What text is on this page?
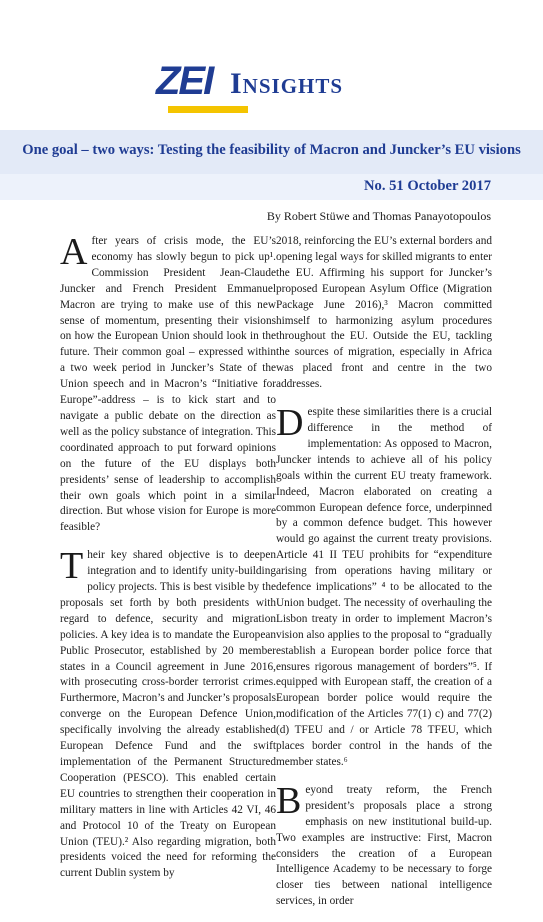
ZEI Insights
One goal – two ways: Testing the feasibility of Macron and Juncker’s EU visions
No. 51 October 2017
By Robert Stüwe and Thomas Panayotopoulos

After years of crisis mode, the EU’s economy has slowly begun to pick up¹. Commission President Jean-Claude Juncker and French President Emmanuel Macron are trying to make use of this new sense of momentum, presenting their visions on how the European Union should look in the future. Their common goal – expressed within a two week period in Juncker’s State of the Union speech and in Macron’s “Initiative for Europe”-address – is to kick start and to navigate a public debate on the direction as well as the policy substance of integration. This coordinated approach to put forward opinions on the future of the EU displays both presidents’ sense of leadership to accomplish their own goals which point in a similar direction. But whose vision for Europe is more feasible?

Their key shared objective is to deepen integration and to identify unity-building policy projects. This is best visible by the proposals set forth by both presidents with regard to defence, security and migration policies. A key idea is to mandate the European Public Prosecutor, established by 20 member states in a Council agreement in June 2016, with prosecuting cross-border terrorist crimes. Furthermore, Macron’s and Juncker’s proposals converge on the European Defence Union, specifically involving the already established European Defence Fund and the swift implementation of the Permanent Structured Cooperation (PESCO). This enabled certain EU countries to strengthen their cooperation in military matters in line with Articles 42 VI, 46 and Protocol 10 of the Treaty on European Union (TEU).² Also regarding migration, both presidents voiced the need for reforming the current Dublin system by

2018, reinforcing the EU’s external borders and opening legal ways for skilled migrants to enter the EU. Affirming his support for Juncker’s proposed European Asylum Office (Migration Package June 2016),³ Macron committed himself to harmonizing asylum procedures throughout the EU. Outside the EU, tackling the sources of migration, especially in Africa was placed front and centre in the two addresses.

Despite these similarities there is a crucial difference in the method of implementation: As opposed to Macron, Juncker intends to achieve all of his policy goals within the current EU treaty framework. Indeed, Macron elaborated on creating a common European defence force, underpinned by a common defence budget. This however would go against the current treaty provisions. Article 41 II TEU prohibits for “expenditure arising from operations having military or defence implications” ⁴ to be allocated to the Union budget. The necessity of overhauling the Lisbon treaty in order to implement Macron’s vision also applies to the proposal to “gradually establish a European border police force that ensures rigorous management of borders”⁵. If equipped with European staff, the creation of a European border police would require the modification of the Articles 77(1) c) and 77(2) (d) TFEU and / or Article 78 TFEU, which places border control in the hands of the member states.⁶

Beyond treaty reform, the French president’s proposals place a strong emphasis on new institutional build-up. Two examples are instructive: First, Macron considers the creation of a European Intelligence Academy to be necessary to forge closer ties between national intelligence services, in order
